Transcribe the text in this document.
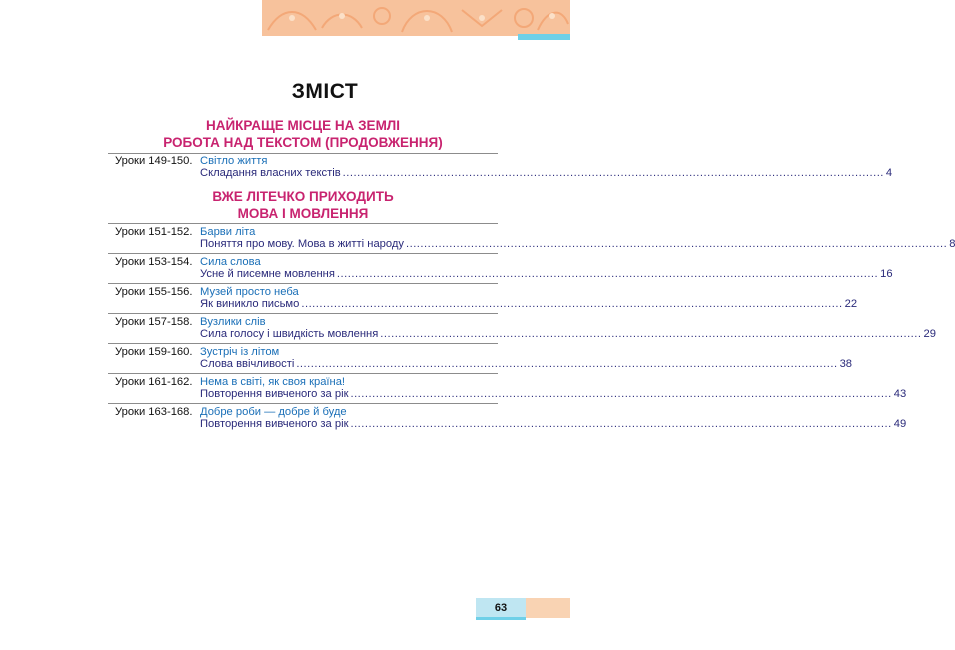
ЗМІСТ
НАЙКРАЩЕ МІСЦЕ НА ЗЕМЛІ
РОБОТА НАД ТЕКСТОМ (ПРОДОВЖЕННЯ)
Уроки 149-150. Світло життя
Складання власних текстів ...................................................................................................................................................... 4
ВЖЕ ЛІТЕЧКО ПРИХОДИТЬ
МОВА І МОВЛЕННЯ
Уроки 151-152. Барви літа
Поняття про мову. Мова в житті народу ...................................................................................................................................................... 8
Уроки 153-154. Сила слова
Усне й писемне мовлення ...................................................................................................................................................... 16
Уроки 155-156. Музей просто неба
Як виникло письмо ...................................................................................................................................................... 22
Уроки 157-158. Вузлики слів
Сила голосу і швидкість мовлення ...................................................................................................................................................... 29
Уроки 159-160. Зустріч із літом
Слова ввічливості ...................................................................................................................................................... 38
Уроки 161-162. Нема в світі, як своя країна!
Повторення вивченого за рік ...................................................................................................................................................... 43
Уроки 163-168. Добре роби — добре й буде
Повторення вивченого за рік ...................................................................................................................................................... 49
63
